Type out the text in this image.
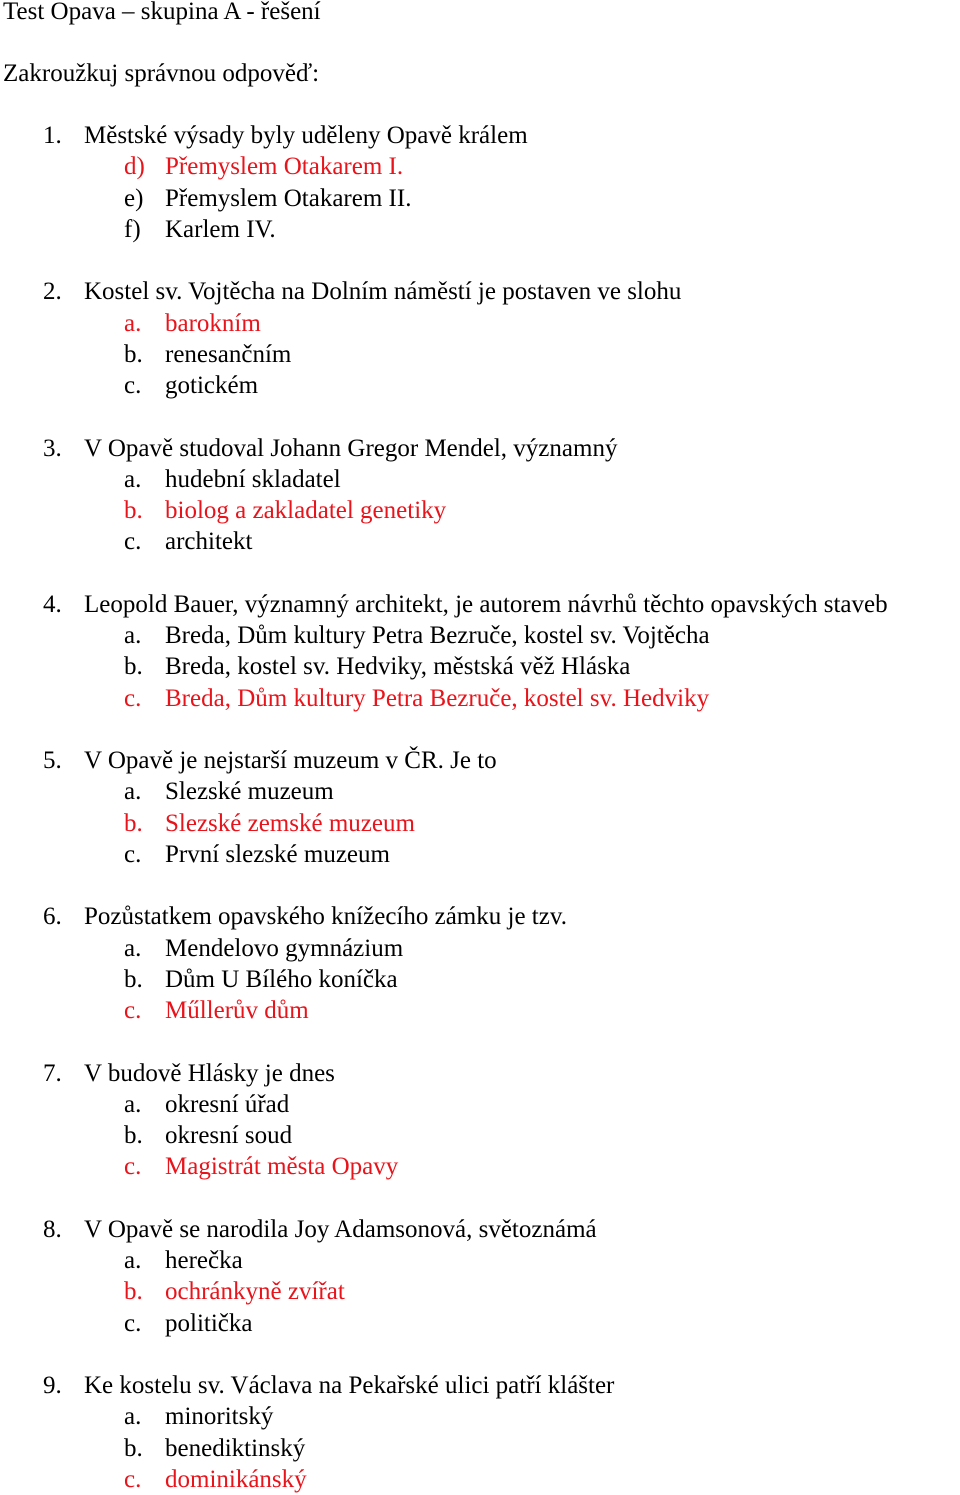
Test Opava – skupina A - řešení
Zakroužkuj správnou odpověď:
1. Městské výsady byly uděleny Opavě králem
d) Přemyslem Otakarem I.
e) Přemyslem Otakarem II.
f) Karlem IV.
2. Kostel sv. Vojtěcha na Dolním náměstí je postaven ve slohu
a. barokním
b. renesančním
c. gotickém
3. V Opavě studoval Johann Gregor Mendel, významný
a. hudební skladatel
b. biolog a zakladatel genetiky
c. architekt
4. Leopold Bauer, významný architekt, je autorem návrhů těchto opavských staveb
a. Breda, Dům kultury Petra Bezruče, kostel sv. Vojtěcha
b. Breda, kostel sv. Hedviky, městská věž Hláska
c. Breda, Dům kultury Petra Bezruče, kostel sv. Hedviky
5. V Opavě je nejstarší muzeum v ČR. Je to
a. Slezské muzeum
b. Slezské zemské muzeum
c. První slezské muzeum
6. Pozůstatkem opavského knížecího zámku je tzv.
a. Mendelovo gymnázium
b. Dům U Bílého koníčka
c. Műllerův dům
7. V budově Hlásky je dnes
a. okresní úřad
b. okresní soud
c. Magistrát města Opavy
8. V Opavě se narodila Joy Adamsonová, světoznámá
a. herečka
b. ochránkyně zvířat
c. politička
9. Ke kostelu sv. Václava na Pekařské ulici patří klášter
a. minoritský
b. benediktinský
c. dominikánský
